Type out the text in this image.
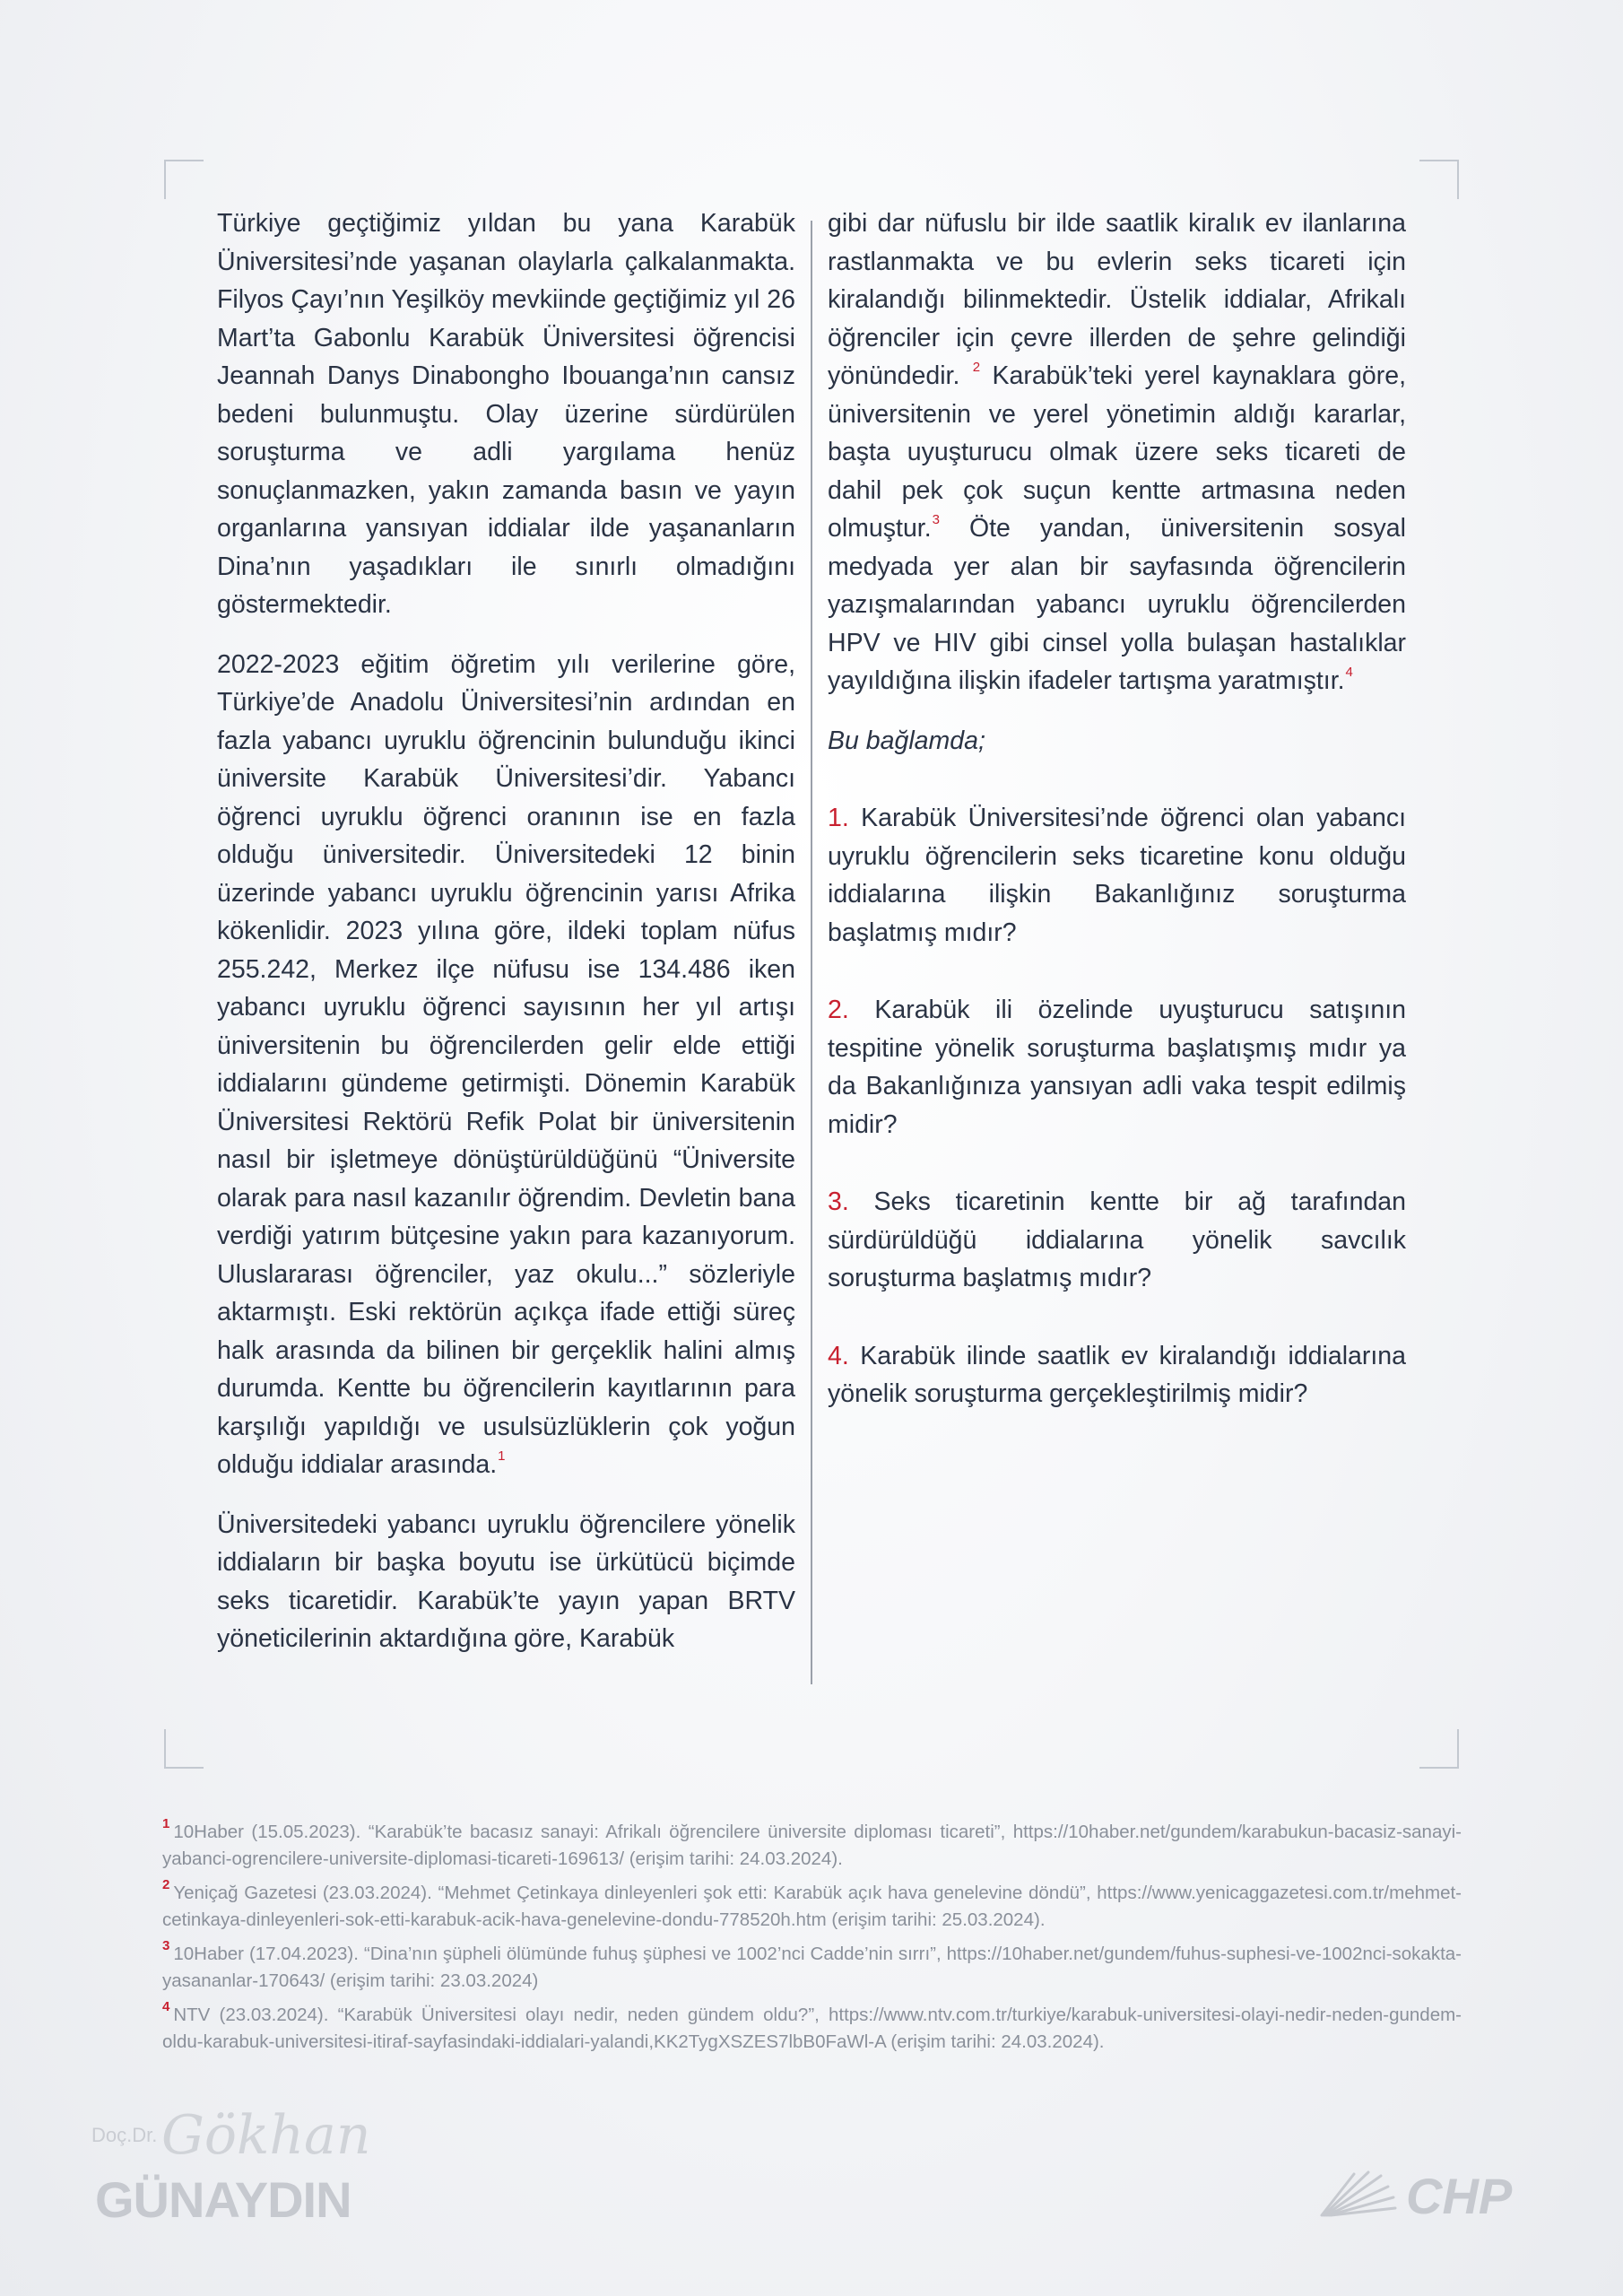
Türkiye geçtiğimiz yıldan bu yana Karabük Üniversitesi’nde yaşanan olaylarla çalkalanmakta. Filyos Çayı’nın Yeşilköy mevkiinde geçtiğimiz yıl 26 Mart’ta Gabonlu Karabük Üniversitesi öğrencisi Jeannah Danys Dinabongho Ibouanga’nın cansız bedeni bulunmuştu. Olay üzerine sürdürülen soruşturma ve adli yargılama henüz sonuçlanmazken, yakın zamanda basın ve yayın organlarına yansıyan iddialar ilde yaşananların Dina’nın yaşadıkları ile sınırlı olmadığını göstermektedir.

2022-2023 eğitim öğretim yılı verilerine göre, Türkiye’de Anadolu Üniversitesi’nin ardından en fazla yabancı uyruklu öğrencinin bulunduğu ikinci üniversite Karabük Üniversitesi’dir. Yabancı öğrenci uyruklu öğrenci oranının ise en fazla olduğu üniversitedir. Üniversitedeki 12 binin üzerinde yabancı uyruklu öğrencinin yarısı Afrika kökenlidir. 2023 yılına göre, ildeki toplam nüfus 255.242, Merkez ilçe nüfusu ise 134.486 iken yabancı uyruklu öğrenci sayısının her yıl artışı üniversitenin bu öğrencilerden gelir elde ettiği iddialarını gündeme getirmişti. Dönemin Karabük Üniversitesi Rektörü Refik Polat bir üniversitenin nasıl bir işletmeye dönüştürüldüğünü “Üniversite olarak para nasıl kazanılır öğrendim. Devletin bana verdiği yatırım bütçesine yakın para kazanıyorum. Uluslararası öğrenciler, yaz okulu...” sözleriyle aktarmıştı. Eski rektörün açıkça ifade ettiği süreç halk arasında da bilinen bir gerçeklik halini almış durumda. Kentte bu öğrencilerin kayıtlarının para karşılığı yapıldığı ve usulsüzlüklerin çok yoğun olduğu iddialar arasında.$^1$

Üniversitedeki yabancı uyruklu öğrencilere yönelik iddiaların bir başka boyutu ise ürkütücü biçimde seks ticaretidir. Karabük’te yayın yapan BRTV yöneticilerinin aktardığına göre, Karabük

gibi dar nüfuslu bir ilde saatlik kiralık ev ilanlarına rastlanmakta ve bu evlerin seks ticareti için kiralandığı bilinmektedir. Üstelik iddialar, Afrikalı öğrenciler için çevre illerden de şehre gelindiği yönündedir. $^2$ Karabük’teki yerel kaynaklara göre, üniversitenin ve yerel yönetimin aldığı kararlar, başta uyuşturucu olmak üzere seks ticareti de dahil pek çok suçun kentte artmasına neden olmuştur.$^3$ Öte yandan, üniversitenin sosyal medyada yer alan bir sayfasında öğrencilerin yazışmalarından yabancı uyruklu öğrencilerden HPV ve HIV gibi cinsel yolla bulaşan hastalıklar yayıldığına ilişkin ifadeler tartışma yaratmıştır.$^4$

Bu bağlamda;

1. Karabük Üniversitesi’nde öğrenci olan yabancı uyruklu öğrencilerin seks ticaretine konu olduğu iddialarına ilişkin Bakanlığınız soruşturma başlatmış mıdır?

2. Karabük ili özelinde uyuşturucu satışının tespitine yönelik soruşturma başlatışmış mıdır ya da Bakanlığınıza yansıyan adli vaka tespit edilmiş midir?

3. Seks ticaretinin kentte bir ağ tarafından sürdürüldüğü iddialarına yönelik savcılık soruşturma başlatmış mıdır?

4. Karabük ilinde saatlik ev kiralandığı iddialarına yönelik soruşturma gerçekleştirilmiş midir?

$^1$ 10Haber (15.05.2023). “Karabük’te bacasız sanayi: Afrikalı öğrencilere üniversite diploması ticareti”, https://10haber.net/gundem/karabukun-bacasiz-sanayi-yabanci-ogrencilere-universite-diplomasi-ticareti-169613/ (erişim tarihi: 24.03.2024).
$^2$ Yeniçağ Gazetesi (23.03.2024). “Mehmet Çetinkaya dinleyenleri şok etti: Karabük açık hava genelevine döndü”, https://www.yenicaggazetesi.com.tr/mehmet-cetinkaya-dinleyenleri-sok-etti-karabuk-acik-hava-genelevine-dondu-778520h.htm (erişim tarihi: 25.03.2024).
$^3$ 10Haber (17.04.2023). “Dina’nın şüpheli ölümünde fuhuş şüphesi ve 1002’nci Cadde’nin sırrı”, https://10haber.net/gundem/fuhus-suphesi-ve-1002nci-sokakta-yasananlar-170643/ (erişim tarihi: 23.03.2024)
$^4$ NTV (23.03.2024). “Karabük Üniversitesi olayı nedir, neden gündem oldu?”, https://www.ntv.com.tr/turkiye/karabuk-universitesi-olayi-nedir-neden-gundem-oldu-karabuk-universitesi-itiraf-sayfasindaki-iddialari-yalandi,KK2TygXSZES7lbB0FaWl-A (erişim tarihi: 24.03.2024).
Doç.Dr. Gökhan
GÜNAYDIN	CHP
